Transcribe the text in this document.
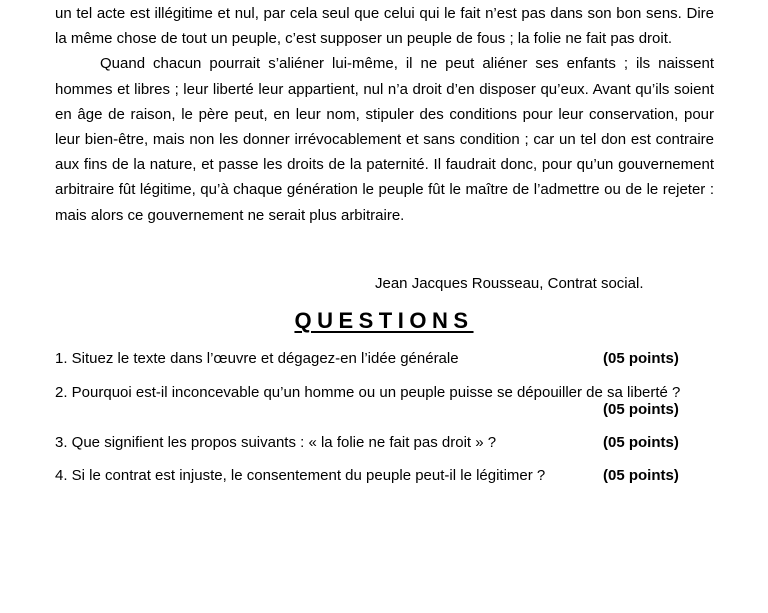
un tel acte est illégitime et nul, par cela seul que celui qui le fait n’est pas dans son bon sens. Dire la même chose de tout un peuple, c’est supposer un peuple de fous ; la folie ne fait pas droit.

Quand chacun pourrait s’aliéner lui-même, il ne peut aliéner ses enfants ; ils naissent hommes et libres ; leur liberté leur appartient, nul n’a droit d’en disposer qu’eux. Avant qu’ils soient en âge de raison, le père peut, en leur nom, stipuler des conditions pour leur conservation, pour leur bien-être, mais non les donner irrévocablement et sans condition ; car un tel don est contraire aux fins de la nature, et passe les droits de la paternité. Il faudrait donc, pour qu’un gouvernement arbitraire fût légitime, qu’à chaque génération le peuple fût le maître de l’admettre ou de le rejeter : mais alors ce gouvernement ne serait plus arbitraire.

Jean Jacques Rousseau, Contrat social.
QUESTIONS
1. Situez le texte dans l’œuvre et dégagez-en l’idée générale	(05 points)
2. Pourquoi est-il inconcevable qu’un homme ou un peuple puisse se dépouiller de sa liberté ?
(05 points)
3. Que signifient les propos suivants : « la folie ne fait pas droit » ?	(05 points)
4. Si le contrat est injuste, le consentement du peuple peut-il le légitimer ?	(05 points)
